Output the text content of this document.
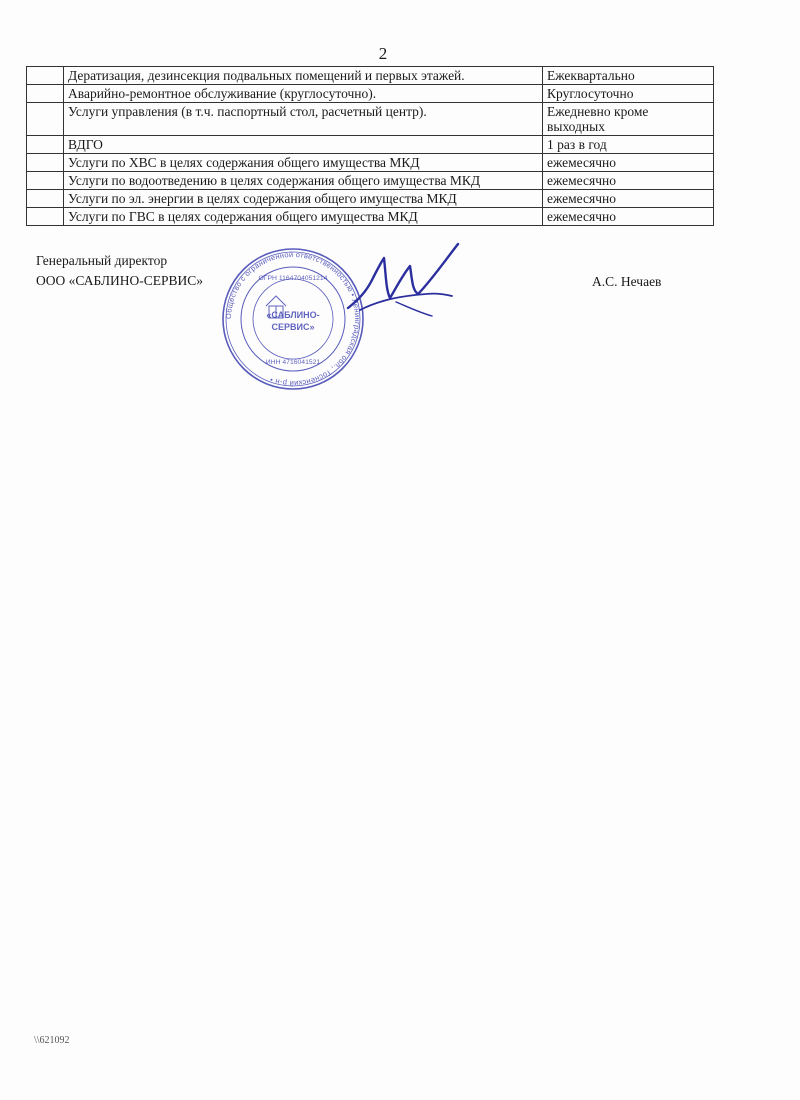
2
	Дератизация, дезинсекция подвальных помещений и первых этажей.	Ежеквартально
	Аварийно-ремонтное обслуживание (круглосуточно).	Круглосуточно
	Услуги управления (в т.ч. паспортный стол, расчетный центр).	Ежедневно кроме выходных
	ВДГО	1 раз в год
	Услуги по ХВС в целях содержания общего имущества МКД	ежемесячно
	Услуги по водоотведению в целях содержания общего имущества МКД	ежемесячно
	Услуги по эл. энергии в целях содержания общего имущества МКД	ежемесячно
	Услуги по ГВС в целях содержания общего имущества МКД	ежемесячно
Генеральный директор
ООО «САБЛИНО-СЕРВИС»
Общество с ограниченной ответственностью • Ленинградская обл., Тосненский р-н •
ОГРН 1164704051214
ИНН 4716041521
«САБЛИНО-
СЕРВИС»
А.С. Нечаев
\\621092
